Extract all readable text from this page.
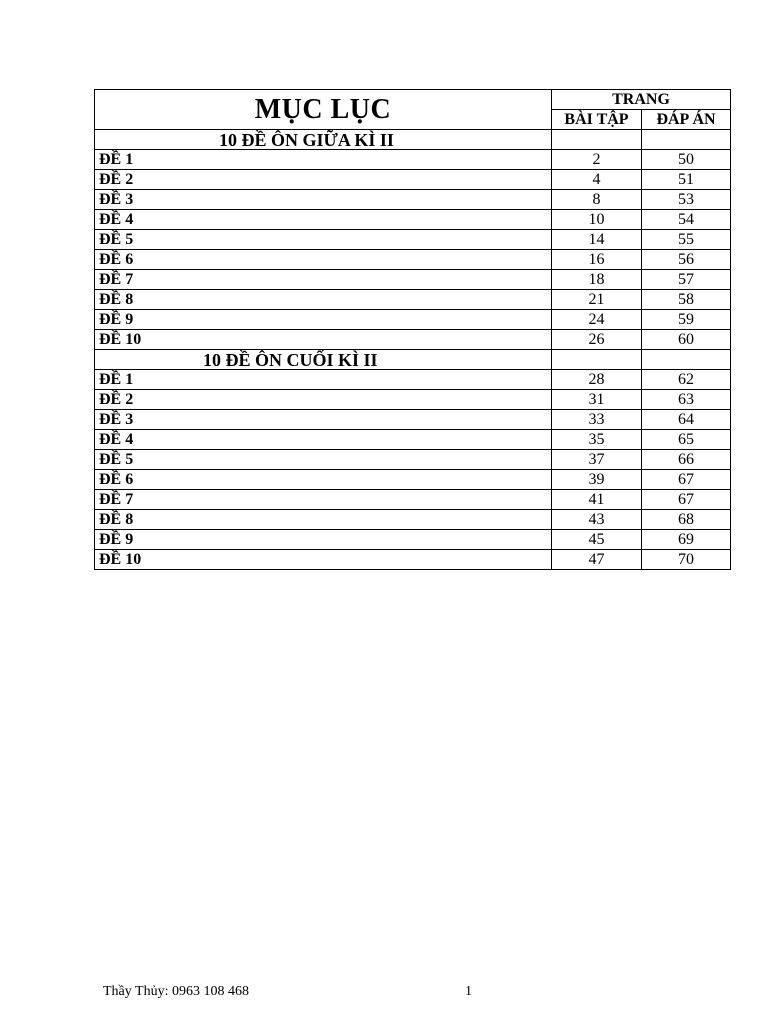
MỤC LỤC	TRANG	
	BÀI TẬP	ĐÁP ÁN
10 ĐỀ ÔN GIỮA KÌ II		
ĐỀ 1	2	50
ĐỀ 2	4	51
ĐỀ 3	8	53
ĐỀ 4	10	54
ĐỀ 5	14	55
ĐỀ 6	16	56
ĐỀ 7	18	57
ĐỀ 8	21	58
ĐỀ 9	24	59
ĐỀ 10	26	60
10 ĐỀ ÔN CUỐI KÌ II		
ĐỀ 1	28	62
ĐỀ 2	31	63
ĐỀ 3	33	64
ĐỀ 4	35	65
ĐỀ 5	37	66
ĐỀ 6	39	67
ĐỀ 7	41	67
ĐỀ 8	43	68
ĐỀ 9	45	69
ĐỀ 10	47	70
Thầy Thủy: 0963 108 468	1
